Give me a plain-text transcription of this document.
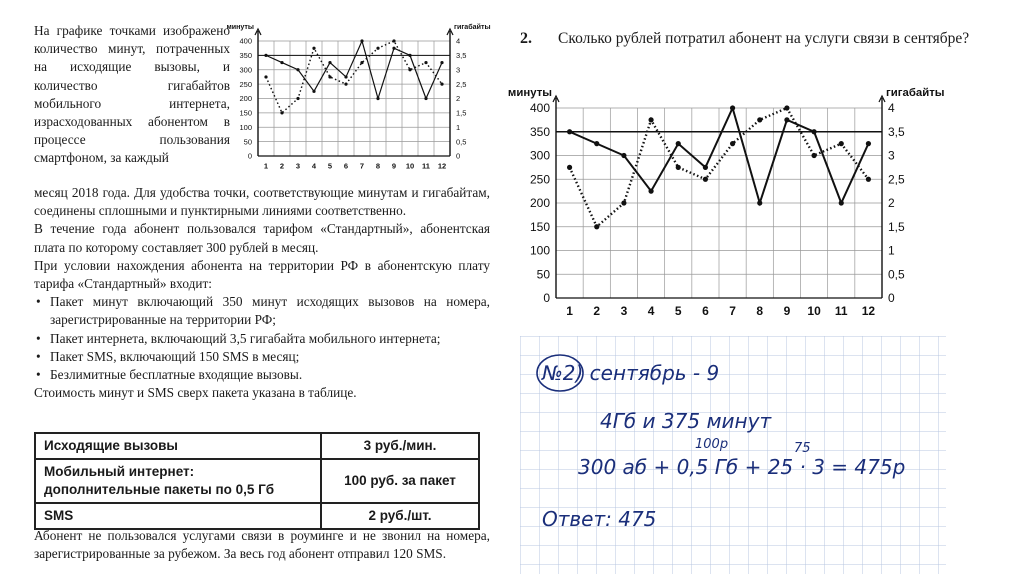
На графике точками изображено количество минут, потраченных на исходящие вызовы, и количество гигабайтов мобильного интернета, израсходованных абонентом в процессе пользования смартфоном, за каждый	0	0
50	0,5
100	1
150	1,5
200	2
250	2,5
300	3
350	3,5
400	4
минуты	гигабайты
1 2 3 4 5 6 7 8 9 10 11 12

месяц 2018 года. Для удобства точки, соответствующие минутам и гигабайтам, соединены сплошными и пунктирными линиями соответственно.

В течение года абонент пользовался тарифом «Стандартный», абонентская плата по которому составляет 300 рублей в месяц.

При условии нахождения абонента на территории РФ в абонентскую плату тарифа «Стандартный» входит:

• Пакет минут включающий 350 минут исходящих вызовов на номера, зарегистрированные на территории РФ;
• Пакет интернета, включающий 3,5 гигабайта мобильного интернета;
• Пакет SMS, включающий 150 SMS в месяц;
• Безлимитные бесплатные входящие вызовы.

Стоимость минут и SMS сверх пакета указана в таблице.

Исходящие вызовы	3 руб./мин.
Мобильный интернет: дополнительные пакеты по 0,5 Гб	100 руб. за пакет
SMS	2 руб./шт.
Абонент не пользовался услугами связи в роуминге и не звонил на номера, зарегистрированные за рубежом. За весь год абонент отправил 120 SMS.
2. Сколько рублей потратил абонент на услуги связи в сентябре?
0	0
50	0,5
100	1
150	1,5
200	2
250	2,5
300	3
350	3,5
400	4
минуты	гигабайты
1 2 3 4 5 6 7 8 9 10 11 12
№2) сентябрь - 9
4Гб и 375 минут
100р	75
300 аб + 0,5 Гб + 25 · 3 = 475р
Ответ: 475
